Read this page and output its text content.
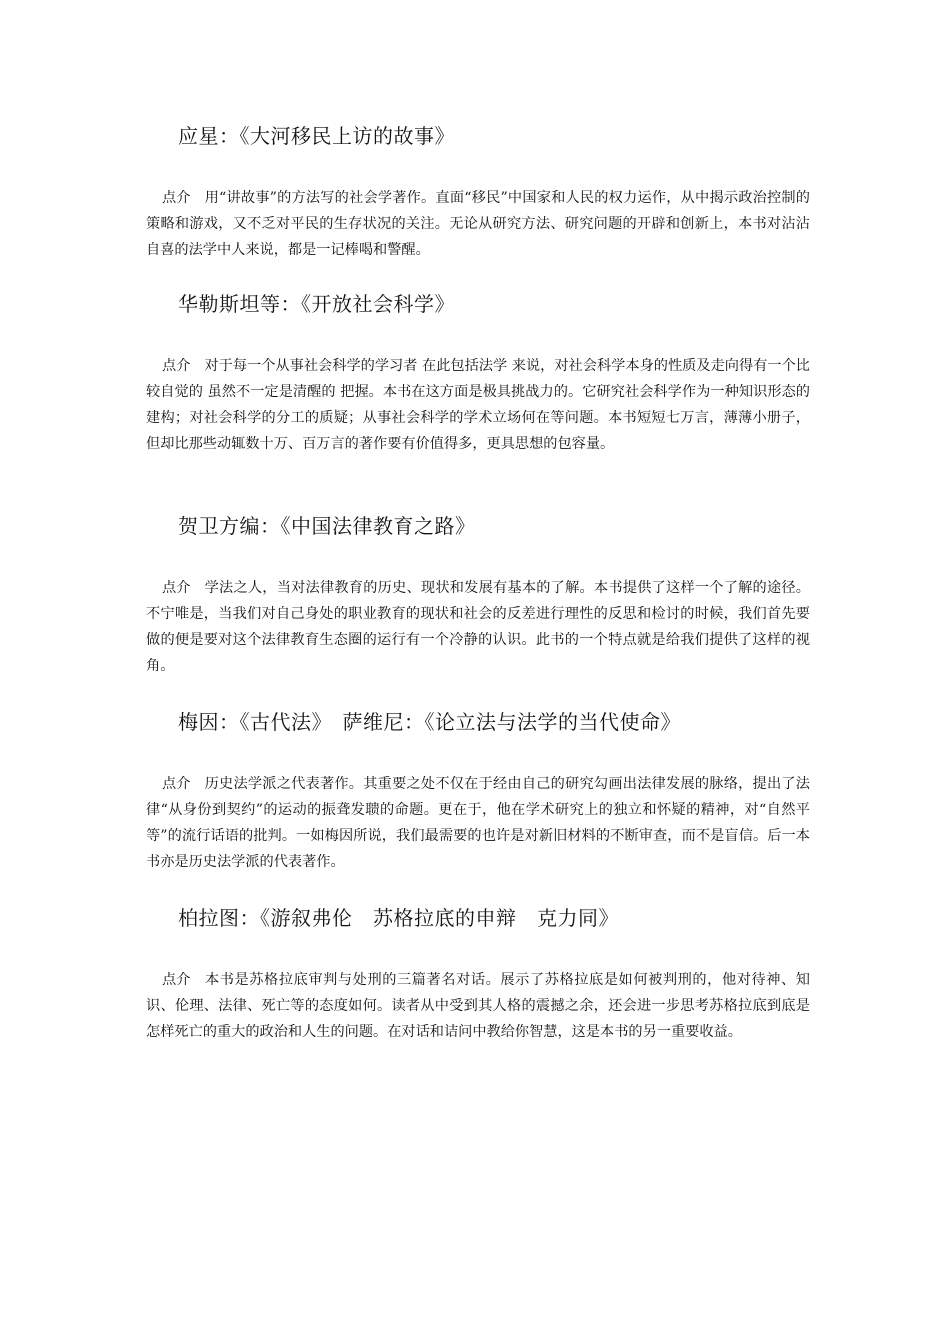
应星：《大河移民上访的故事》

点介 用“讲故事”的方法写的社会学著作。直面“移民”中国家和人民的权力运作，从中揭示政治控制的策略和游戏，又不乏对平民的生存状况的关注。无论从研究方法、研究问题的开辟和创新上，本书对沾沾自喜的法学中人来说，都是一记棒喝和警醒。

华勒斯坦等：《开放社会科学》

点介 对于每一个从事社会科学的学习者 在此包括法学 来说，对社会科学本身的性质及走向得有一个比较自觉的 虽然不一定是清醒的 把握。本书在这方面是极具挑战力的。它研究社会科学作为一种知识形态的建构；对社会科学的分工的质疑；从事社会科学的学术立场何在等问题。本书短短七万言，薄薄小册子，但却比那些动辄数十万、百万言的著作要有价值得多，更具思想的包容量。

贺卫方编：《中国法律教育之路》

点介 学法之人，当对法律教育的历史、现状和发展有基本的了解。本书提供了这样一个了解的途径。不宁唯是，当我们对自己身处的职业教育的现状和社会的反差进行理性的反思和检讨的时候，我们首先要做的便是要对这个法律教育生态圈的运行有一个冷静的认识。此书的一个特点就是给我们提供了这样的视角。

梅因：《古代法》　萨维尼：《论立法与法学的当代使命》

点介 历史法学派之代表著作。其重要之处不仅在于经由自己的研究勾画出法律发展的脉络，提出了法律“从身份到契约”的运动的振聋发聩的命题。更在于，他在学术研究上的独立和怀疑的精神，对“自然平等”的流行话语的批判。一如梅因所说，我们最需要的也许是对新旧材料的不断审查，而不是盲信。后一本书亦是历史法学派的代表著作。

柏拉图：《游叙弗伦　苏格拉底的申辩　克力同》

点介 本书是苏格拉底审判与处刑的三篇著名对话。展示了苏格拉底是如何被判刑的，他对待神、知识、伦理、法律、死亡等的态度如何。读者从中受到其人格的震撼之余，还会进一步思考苏格拉底到底是怎样死亡的重大的政治和人生的问题。在对话和诘问中教给你智慧，这是本书的另一重要收益。
